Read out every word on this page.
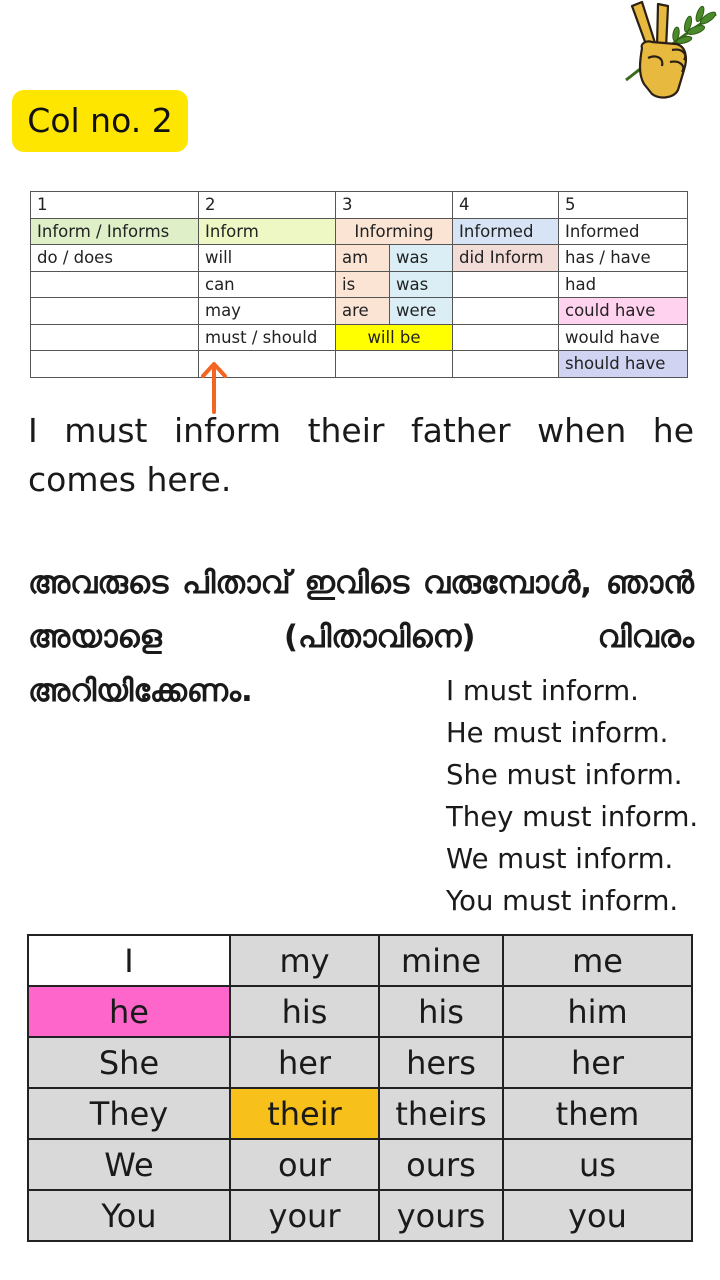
Col no. 2
1	2	3		4	5
Inform / Informs	Inform	Informing		Informed	Informed
do / does	will	am	was	did Inform	has / have
	can	is	was		had
	may	are	were		could have
	must / should	will be			would have
					should have
I must inform their father when he comes here.
അവരുടെ പിതാവ് ഇവിടെ വരുമ്പോൾ, ഞാൻ അയാളെ (പിതാവിനെ) വിവരം അറിയിക്കേണം.	I must inform.
He must inform.
She must inform.
They must inform.
We must inform.
You must inform.
I	my	mine	me
he	his	his	him
She	her	hers	her
They	their	theirs	them
We	our	ours	us
You	your	yours	you
